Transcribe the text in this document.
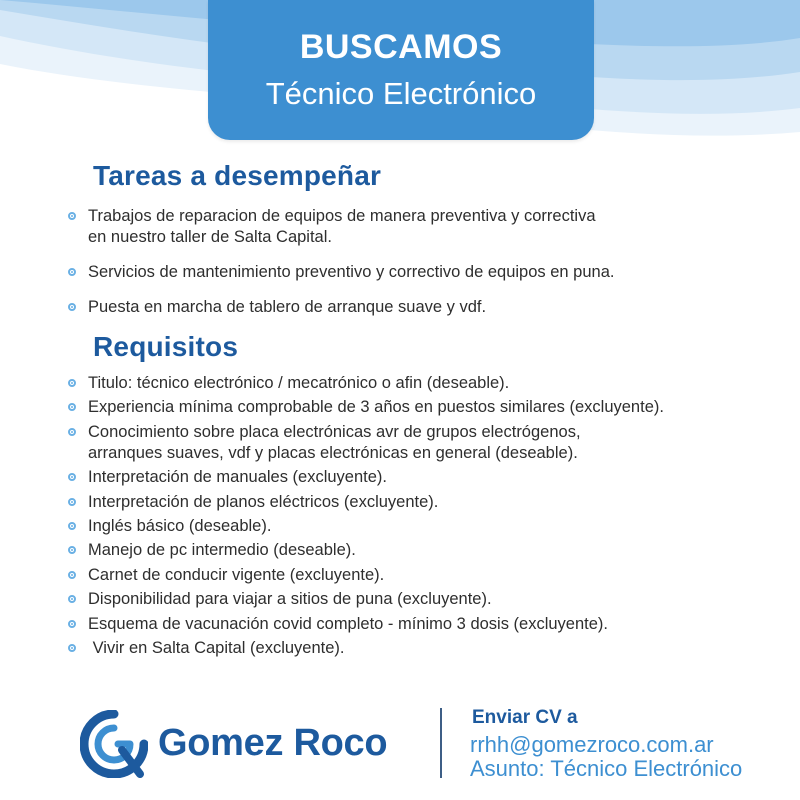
BUSCAMOS
Técnico Electrónico
Tareas a desempeñar
Trabajos de reparacion de equipos de manera preventiva y correctiva
en nuestro taller de Salta Capital.
Servicios de mantenimiento preventivo y correctivo de equipos en puna.
Puesta en marcha de tablero de arranque suave y vdf.
Requisitos
Titulo: técnico electrónico / mecatrónico o afin (deseable).
Experiencia mínima comprobable de 3 años en puestos similares (excluyente).
Conocimiento sobre placa electrónicas avr de grupos electrógenos,
arranques suaves, vdf y placas electrónicas en general (deseable).
Interpretación de manuales (excluyente).
Interpretación de planos eléctricos (excluyente).
Inglés básico (deseable).
Manejo de pc intermedio (deseable).
Carnet de conducir vigente (excluyente).
Disponibilidad para viajar a sitios de puna (excluyente).
Esquema de vacunación covid completo - mínimo 3 dosis (excluyente).
Vivir en Salta Capital (excluyente).
Gomez Roco
Enviar CV a
rrhh@gomezroco.com.ar
Asunto: Técnico Electrónico
